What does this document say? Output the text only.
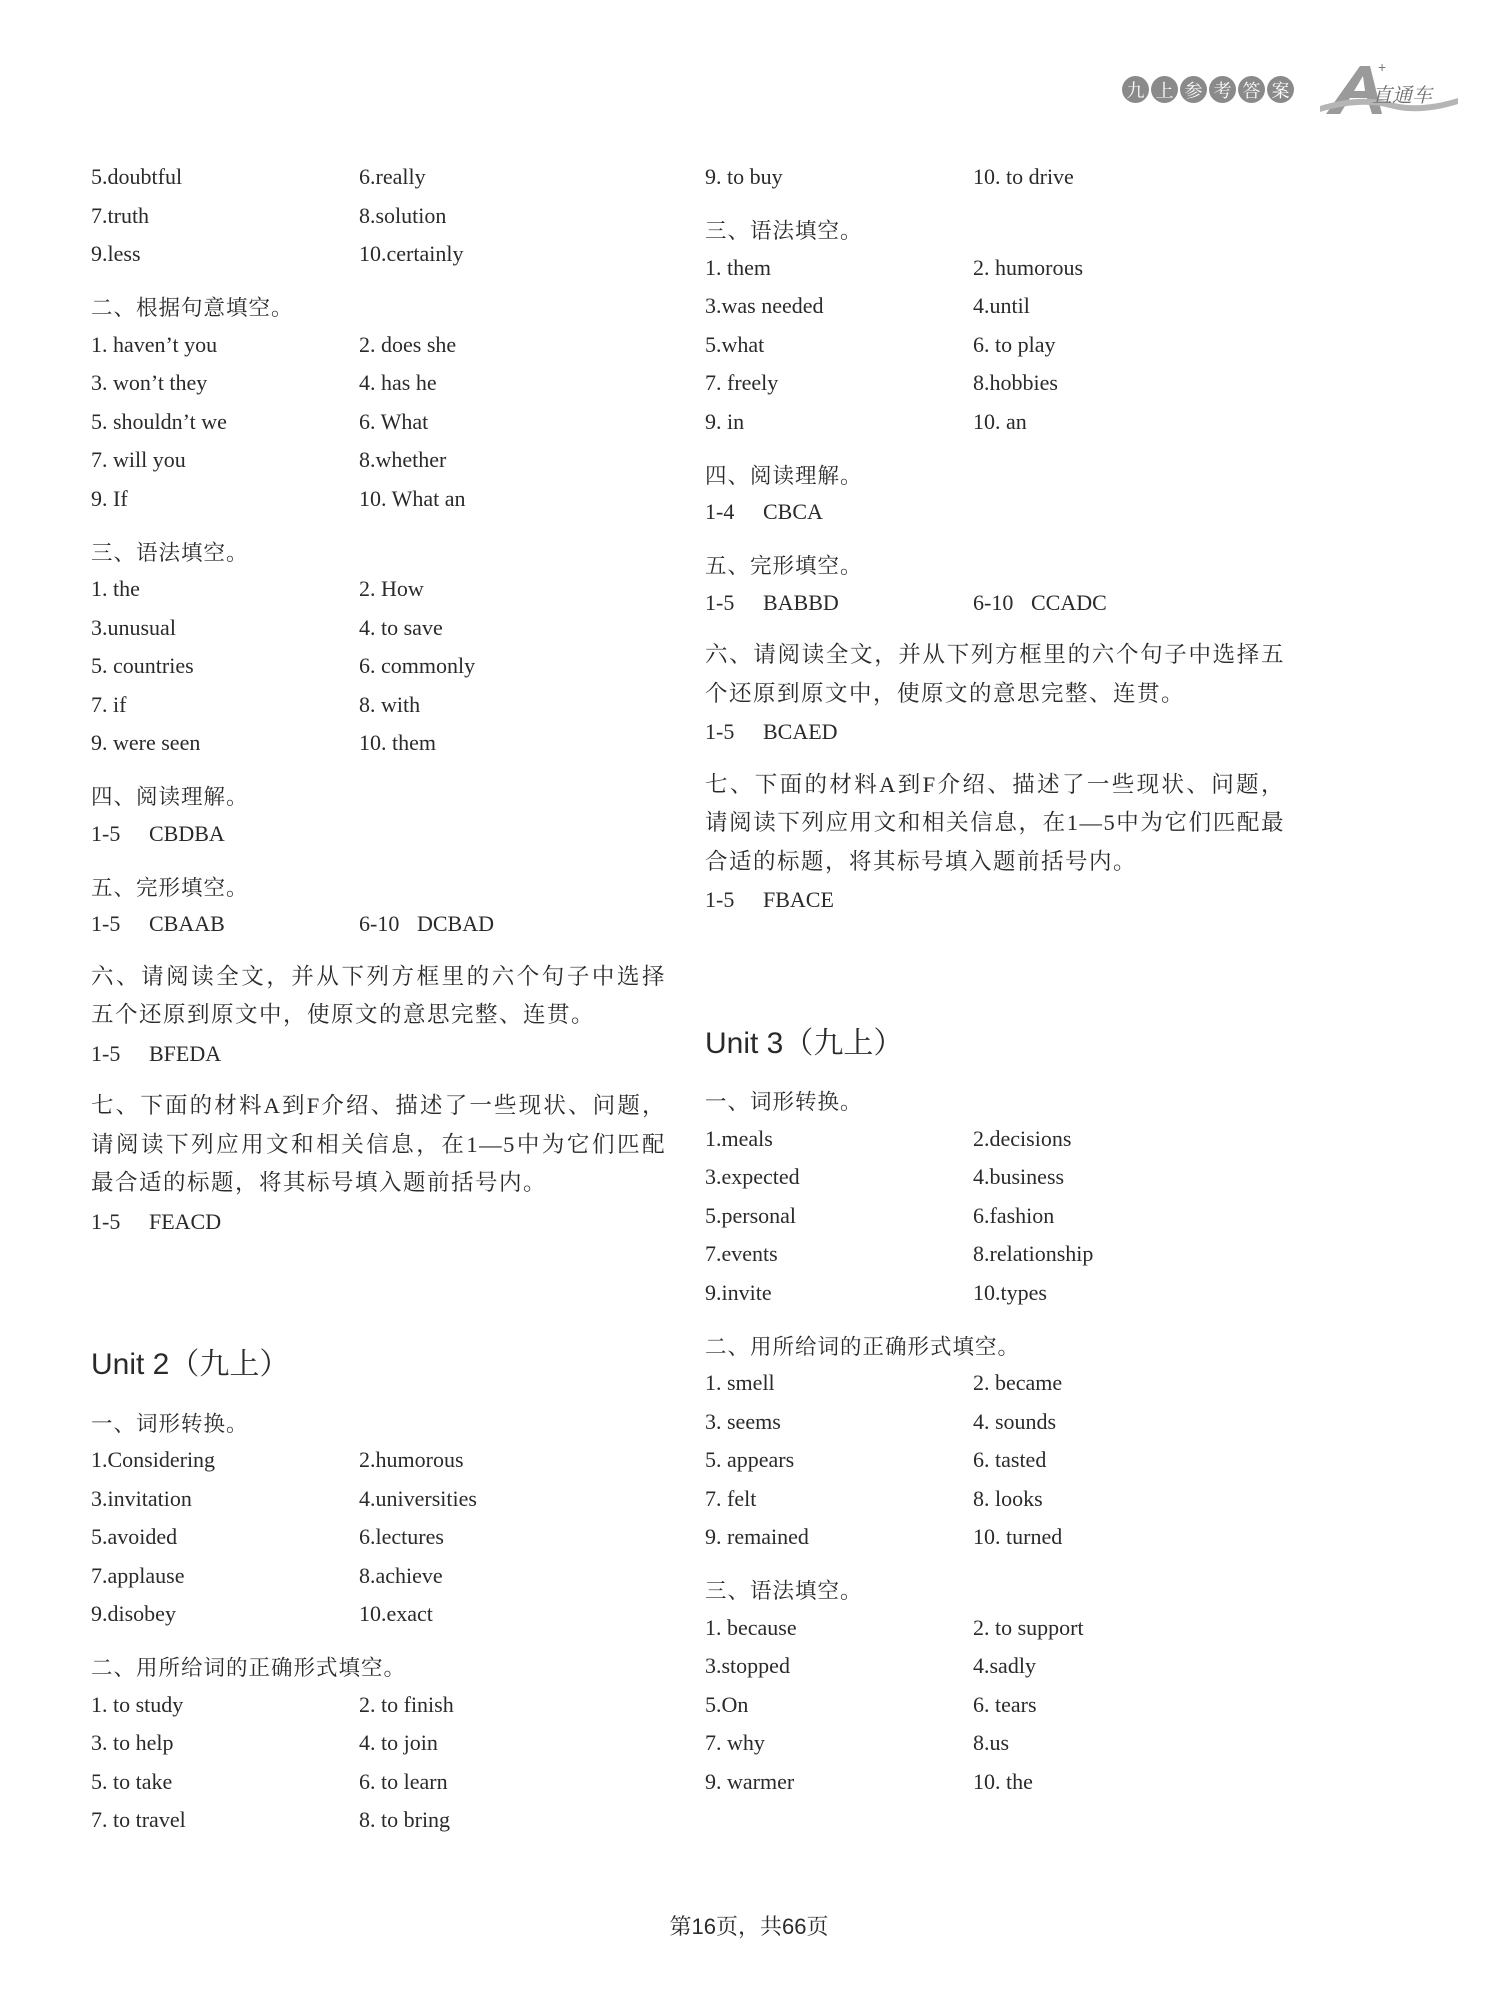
九 上 参 考 答 案
+
直通车
5.doubtful	6.really
7.truth	8.solution
9.less	10.certainly
二、根据句意填空。
1. haven’t you	2. does she
3. won’t they	4. has he
5. shouldn’t we	6. What
7. will you	8.whether
9. If	10. What an
三、语法填空。
1. the	2. How
3.unusual	4. to save
5. countries	6. commonly
7. if	8. with
9. were seen	10. them
四、阅读理解。
1-5 CBDBA
五、完形填空。
1-5 CBAAB	6-10 DCBAD
六、请阅读全文，并从下列方框里的六个句子中选择五个还原到原文中，使原文的意思完整、连贯。
1-5 BFEDA
七、下面的材料A到F介绍、描述了一些现状、问题，请阅读下列应用文和相关信息，在1—5中为它们匹配最合适的标题，将其标号填入题前括号内。
1-5 FEACD
Unit 2（九上）
一、词形转换。
1.Considering	2.humorous
3.invitation	4.universities
5.avoided	6.lectures
7.applause	8.achieve
9.disobey	10.exact
二、用所给词的正确形式填空。
1. to study	2. to finish
3. to help	4. to join
5. to take	6. to learn
7. to travel	8. to bring
9. to buy	10. to drive
三、语法填空。
1. them	2. humorous
3.was needed	4.until
5.what	6. to play
7. freely	8.hobbies
9. in	10. an
四、阅读理解。
1-4 CBCA
五、完形填空。
1-5 BABBD	6-10 CCADC
六、请阅读全文，并从下列方框里的六个句子中选择五个还原到原文中，使原文的意思完整、连贯。
1-5 BCAED
七、下面的材料A到F介绍、描述了一些现状、问题，请阅读下列应用文和相关信息，在1—5中为它们匹配最合适的标题，将其标号填入题前括号内。
1-5 FBACE
Unit 3（九上）
一、词形转换。
1.meals	2.decisions
3.expected	4.business
5.personal	6.fashion
7.events	8.relationship
9.invite	10.types
二、用所给词的正确形式填空。
1. smell	2. became
3. seems	4. sounds
5. appears	6. tasted
7. felt	8. looks
9. remained	10. turned
三、语法填空。
1. because	2. to support
3.stopped	4.sadly
5.On	6. tears
7. why	8.us
9. warmer	10. the
第16页，共66页
